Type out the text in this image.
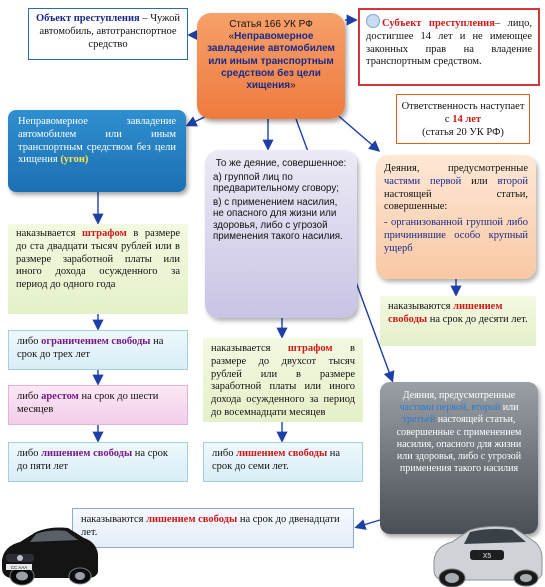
Объект преступления – Чужой автомобиль, автотранспортное средство
Статья 166 УК РФ
«Неправомерное завладение автомобилем или иным транспортным средством без цели хищения»
Субъект преступления– лицо, достигшее 14 лет и не имеющее законных прав на владение транспортным средством.
Ответственность наступает с 14 лет
(статья 20 УК РФ)
Неправомерное завладение автомобилем или иным транспортным средством без цели хищения (угон)
наказывается штрафом в размере до ста двадцати тысяч рублей или в размере заработной платы или иного дохода осужденного за период до одного года
либо ограничением свободы на срок до трех лет
либо арестом на срок до шести месяцев
либо лишением свободы на срок до пяти лет
То же деяние, совершенное:
а) группой лиц по предварительному сговору;
в) с применением насилия, не опасного для жизни или здоровья, либо с угрозой применения такого насилия.
наказывается штрафом в размере до двухсот тысяч рублей или в размере заработной платы или иного дохода осужденного за период до восемнадцати месяцев
либо лишением свободы на срок до семи лет.
Деяния, предусмотренные частями первой или второй настоящей статьи, совершенные:
- организованной группой либо причинившие особо крупный ущерб
наказываются лишением свободы на срок до десяти лет.
Деяния, предусмотренные частями первой, второй или третьей настоящей статьи, совершенные с применением насилия, опасного для жизни или здоровья, либо с угрозой применения такого насилия
наказываются лишением свободы на срок до двенадцати лет.
CC AAA
X5
